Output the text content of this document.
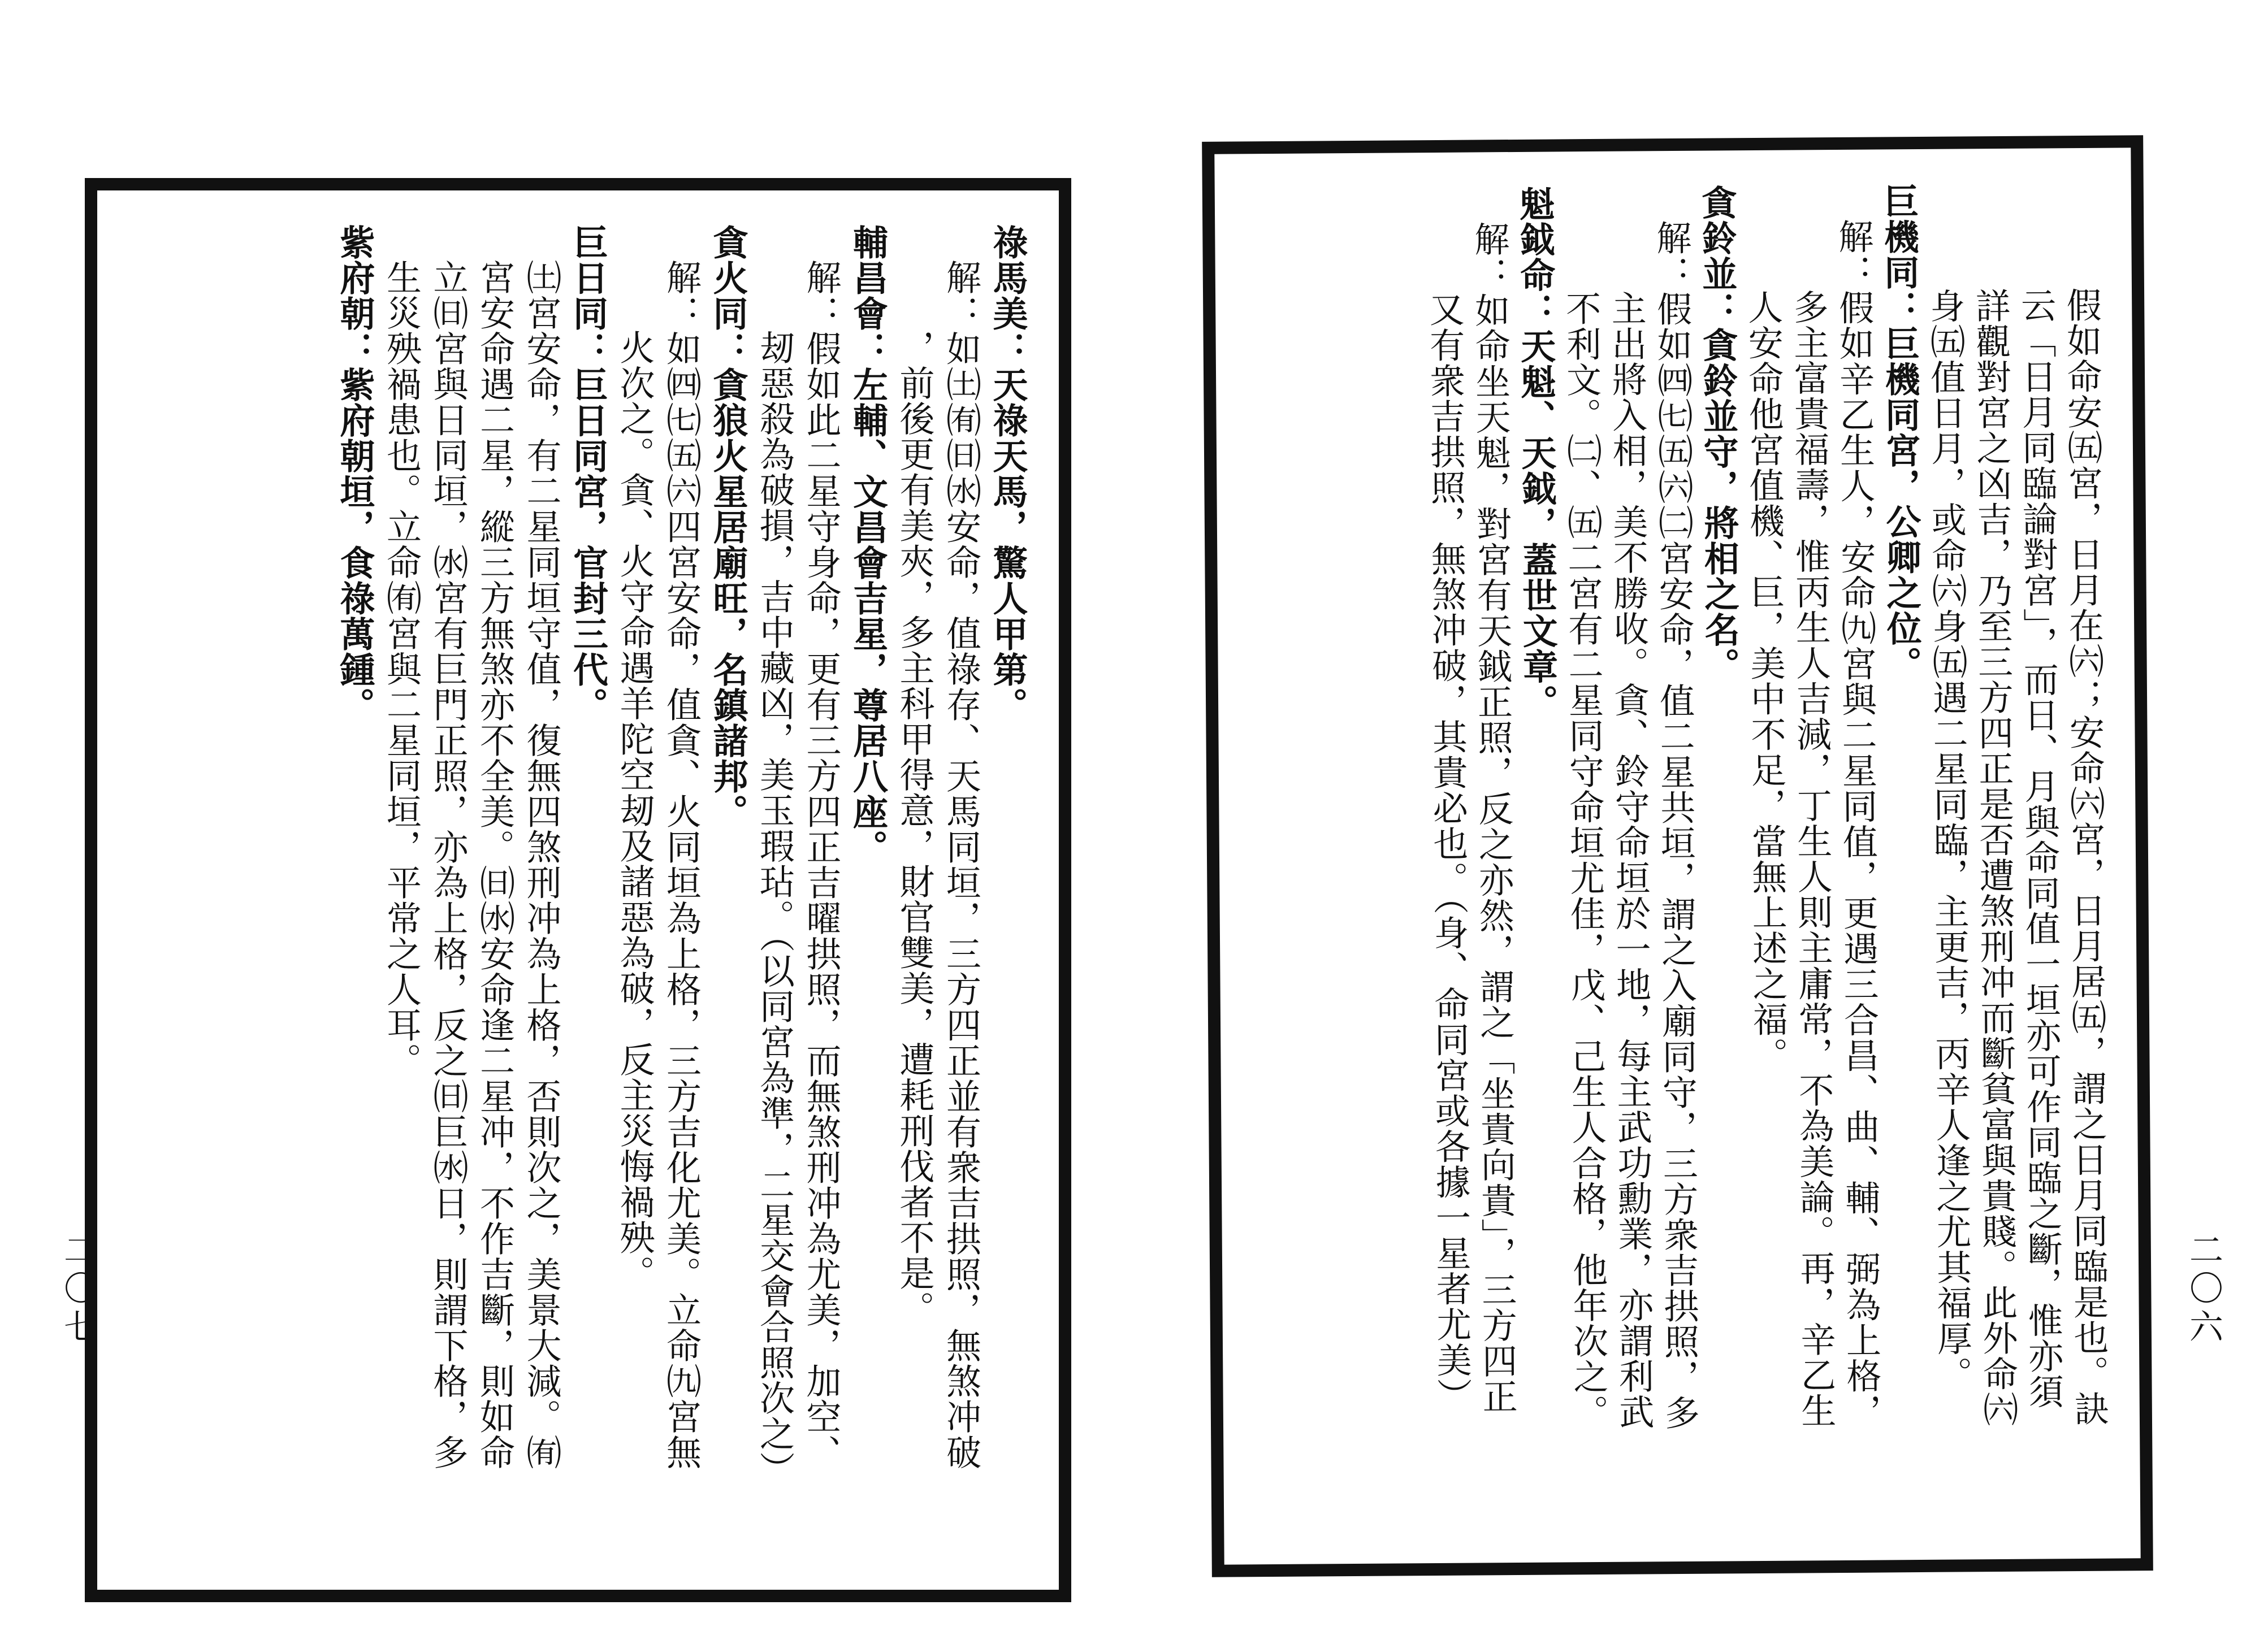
祿馬美：天祿天馬，驚人甲第。
解：如㈯㈲㈰㈬安命，值祿存、天馬同垣，三方四正並有衆吉拱照，無煞冲破
，前後更有美夾，多主科甲得意，財官雙美，遭耗刑伐者不是。
輔昌會：左輔、文昌會吉星，尊居八座。
解：假如此二星守身命，更有三方四正吉曜拱照，而無煞刑冲為尤美，加空、
刼惡殺為破損，吉中藏凶，美玉瑕玷。（以同宮為準，二星交會合照次之）
貪火同：貪狼火星居廟旺，名鎮諸邦。
解：如㈣㈦㈤㈥四宮安命，值貪、火同垣為上格，三方吉化尤美。立命㈨宮無
火次之。貪、火守命遇羊陀空刼及諸惡為破，反主災悔禍殃。
巨日同：巨日同宮，官封三代。
㈯宮安命，有二星同垣守值，復無四煞刑冲為上格，否則次之，美景大減。㈲
宮安命遇二星，縱三方無煞亦不全美。㈰㈬安命逢二星冲，不作吉斷，則如命
立㈰宮與日同垣，㈬宮有巨門正照，亦為上格，反之㈰巨㈬日，則謂下格，多
生災殃禍患也。立命㈲宮與二星同垣，平常之人耳。
紫府朝：紫府朝垣，食祿萬鍾。	假如命安㈤宮，日月在㈥；安命㈥宮，日月居㈤，謂之日月同臨是也。訣
云「日月同臨論對宮」，而日、月與命同值一垣亦可作同臨之斷，惟亦須
詳觀對宮之凶吉，乃至三方四正是否遭煞刑冲而斷貧富與貴賤。此外命㈥
身㈤值日月，或命㈥身㈤遇二星同臨，主更吉，丙辛人逢之尤其福厚。
巨機同：巨機同宮，公卿之位。
解：假如辛乙生人，安命㈨宮與二星同值，更遇三合昌、曲、輔、弼為上格，
多主富貴福壽，惟丙生人吉減，丁生人則主庸常，不為美論。再，辛乙生
人安命他宮值機、巨，美中不足，當無上述之福。
貪鈴並：貪鈴並守，將相之名。
解：假如㈣㈦㈤㈥㈡宮安命，值二星共垣，謂之入廟同守，三方衆吉拱照，多
主出將入相，美不勝收。貪、鈴守命垣於一地，每主武功勳業，亦謂利武
不利文。㈡、㈤二宮有二星同守命垣尤佳，戊、己生人合格，他年次之。
魁鉞命：天魁、天鉞，蓋世文章。
解：如命坐天魁，對宮有天鉞正照，反之亦然，謂之「坐貴向貴」，三方四正
又有衆吉拱照，無煞冲破，其貴必也。（身、命同宮或各據一星者尤美）
二〇七	二〇六
